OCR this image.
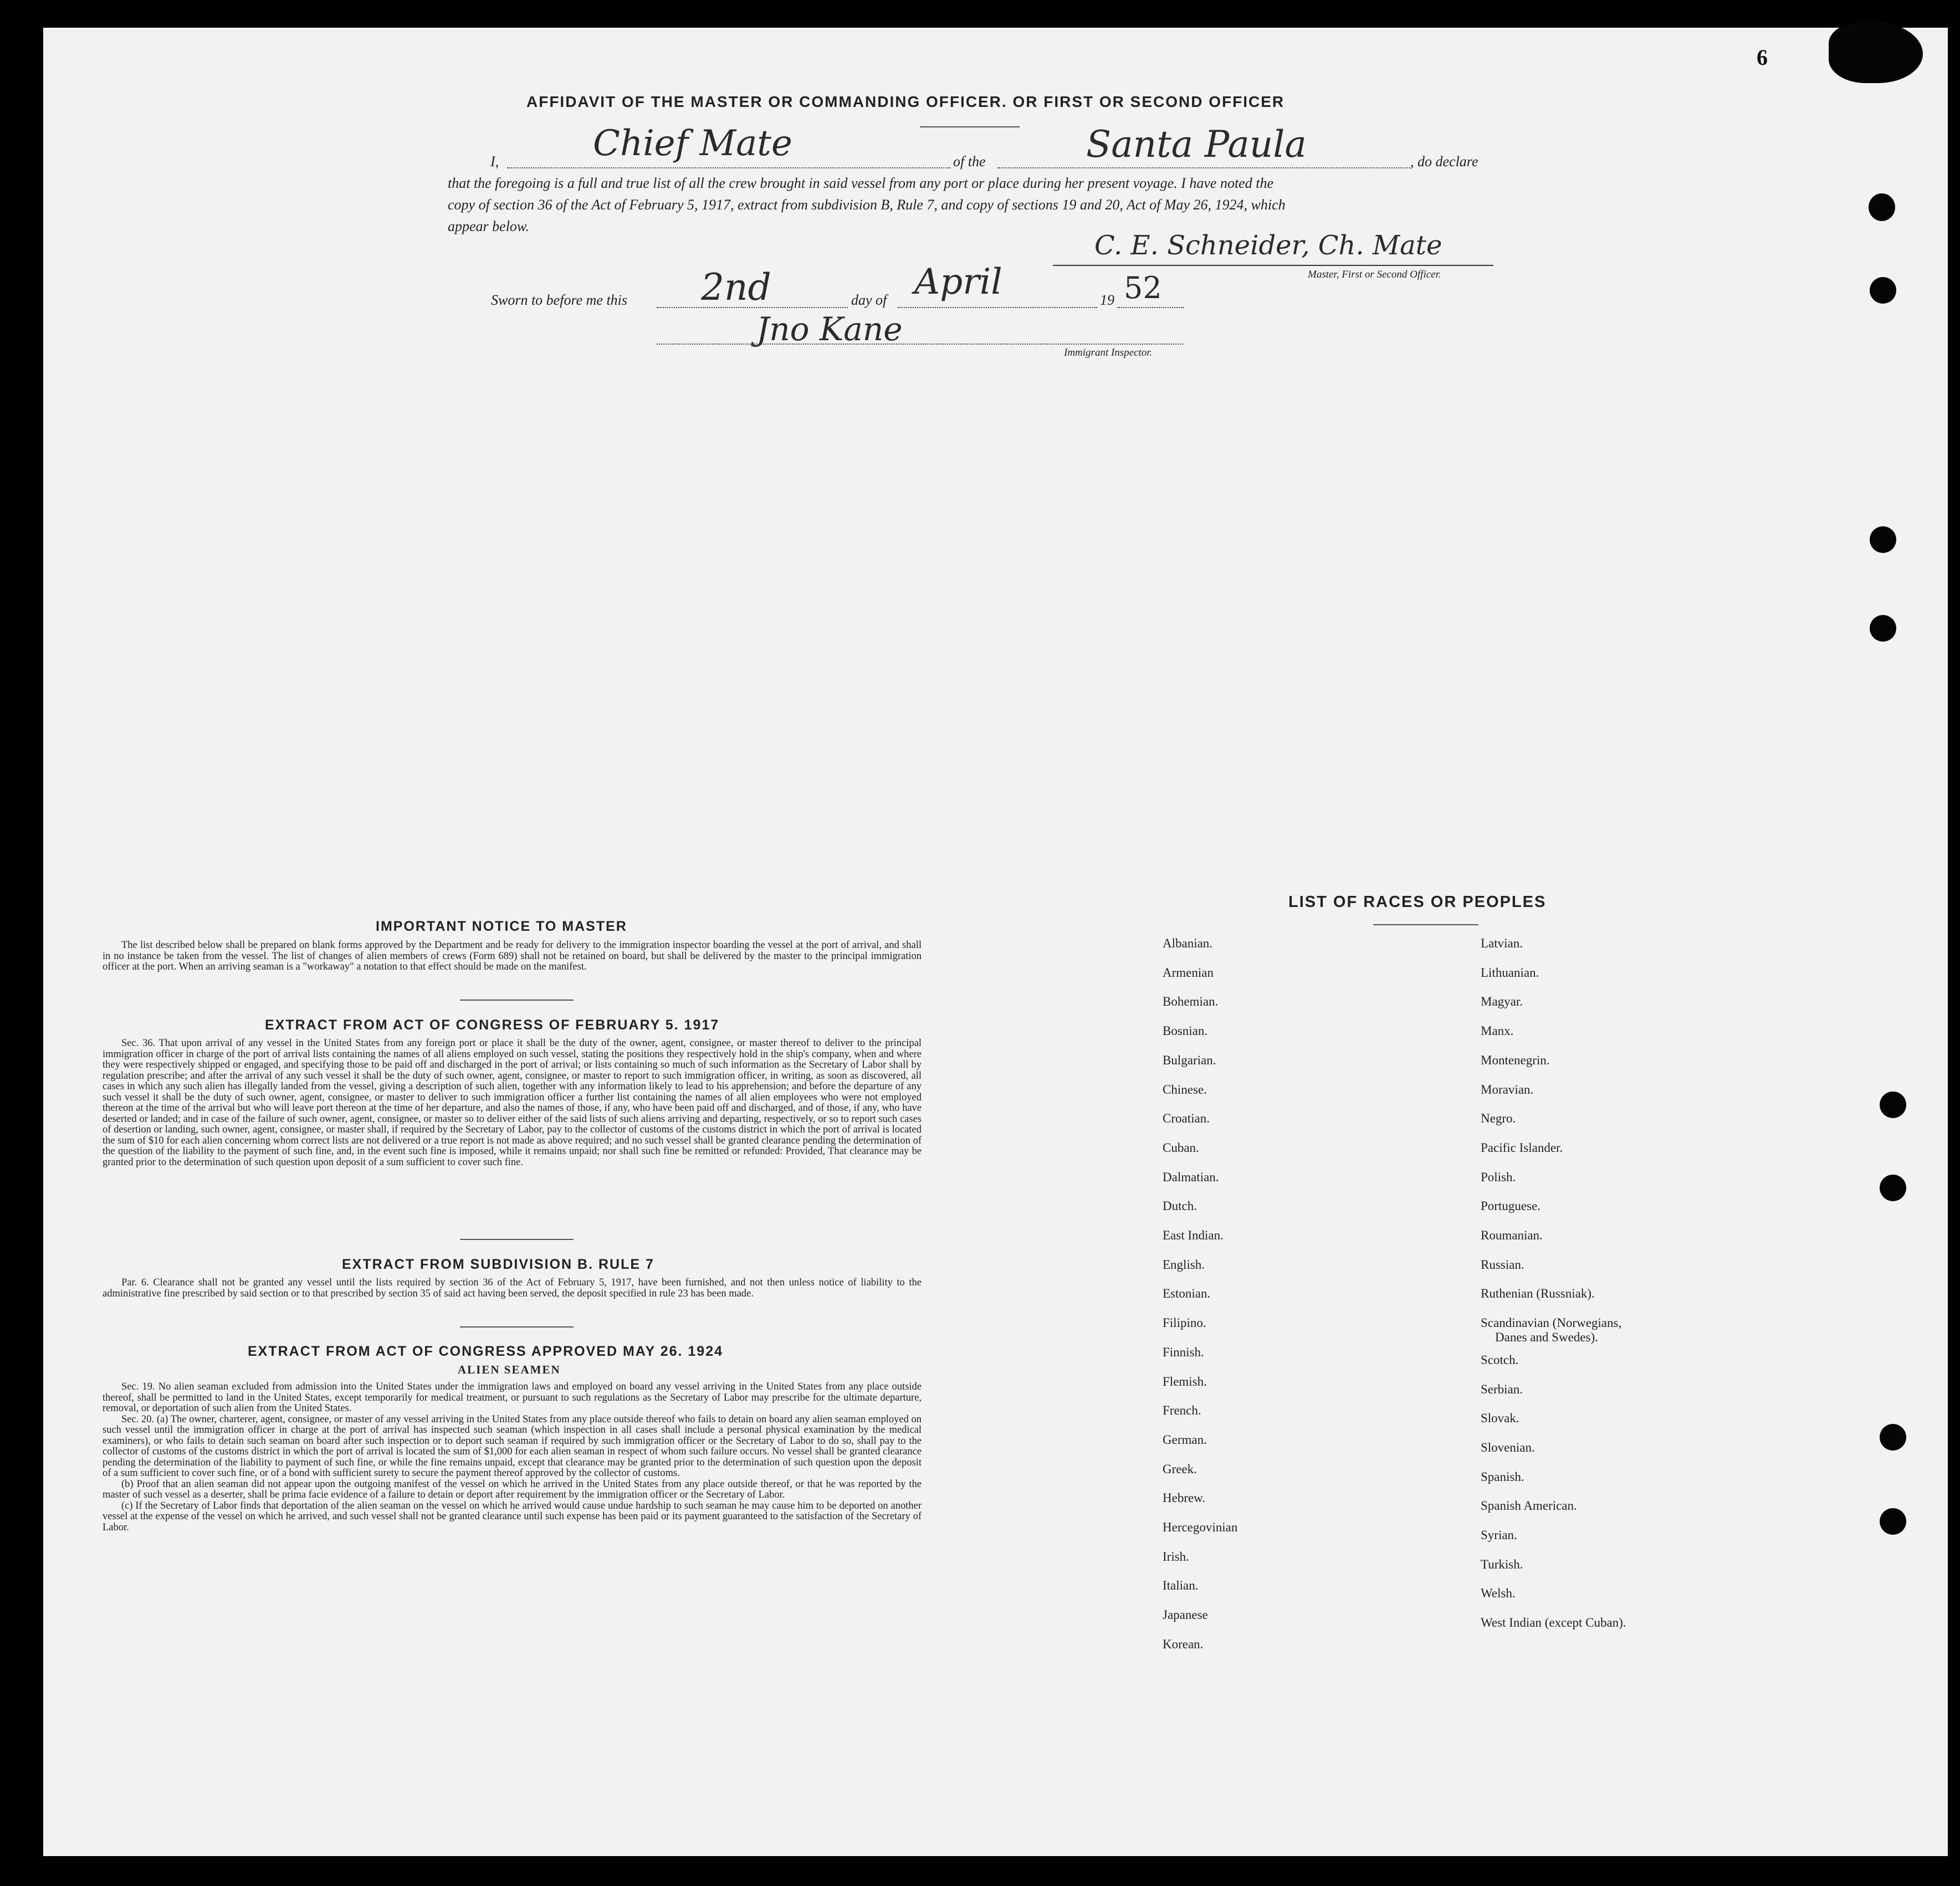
6
AFFIDAVIT OF THE MASTER OR COMMANDING OFFICER. OR FIRST OR SECOND OFFICER
I,	Chief Mate	of the	Santa Paula	, do declare
that the foregoing is a full and true list of all the crew brought in said vessel from any port or place during her present voyage. I have noted the
copy of section 36 of the Act of February 5, 1917, extract from subdivision B, Rule 7, and copy of sections 19 and 20, Act of May 26, 1924, which
appear below.
C. E. Schneider, Ch. Mate
Master, First or Second Officer.
Sworn to before me this 2nd	day of April	19 52
Jno Kane
Immigrant Inspector.
IMPORTANT NOTICE TO MASTER

The list described below shall be prepared on blank forms approved by the Department and be ready for delivery to the immigration inspector boarding the vessel at the port of arrival, and shall in no instance be taken from the vessel. The list of changes of alien members of crews (Form 689) shall not be retained on board, but shall be delivered by the master to the principal immigration officer at the port. When an arriving seaman is a "workaway" a notation to that effect should be made on the manifest.

EXTRACT FROM ACT OF CONGRESS OF FEBRUARY 5. 1917

Sec. 36. That upon arrival of any vessel in the United States from any foreign port or place it shall be the duty of the owner, agent, consignee, or master thereof to deliver to the principal immigration officer in charge of the port of arrival lists containing the names of all aliens employed on such vessel, stating the positions they respectively hold in the ship's company, when and where they were respectively shipped or engaged, and specifying those to be paid off and discharged in the port of arrival; or lists containing so much of such information as the Secretary of Labor shall by regulation prescribe; and after the arrival of any such vessel it shall be the duty of such owner, agent, consignee, or master to report to such immigration officer, in writing, as soon as discovered, all cases in which any such alien has illegally landed from the vessel, giving a description of such alien, together with any information likely to lead to his apprehension; and before the departure of any such vessel it shall be the duty of such owner, agent, consignee, or master to deliver to such immigration officer a further list containing the names of all alien employees who were not employed thereon at the time of the arrival but who will leave port thereon at the time of her departure, and also the names of those, if any, who have been paid off and discharged, and of those, if any, who have deserted or landed; and in case of the failure of such owner, agent, consignee, or master so to deliver either of the said lists of such aliens arriving and departing, respectively, or so to report such cases of desertion or landing, such owner, agent, consignee, or master shall, if required by the Secretary of Labor, pay to the collector of customs of the customs district in which the port of arrival is located the sum of $10 for each alien concerning whom correct lists are not delivered or a true report is not made as above required; and no such vessel shall be granted clearance pending the determination of the question of the liability to the payment of such fine, and, in the event such fine is imposed, while it remains unpaid; nor shall such fine be remitted or refunded: Provided, That clearance may be granted prior to the determination of such question upon deposit of a sum sufficient to cover such fine.

EXTRACT FROM SUBDIVISION B. RULE 7

Par. 6. Clearance shall not be granted any vessel until the lists required by section 36 of the Act of February 5, 1917, have been furnished, and not then unless notice of liability to the administrative fine prescribed by said section or to that prescribed by section 35 of said act having been served, the deposit specified in rule 23 has been made.

EXTRACT FROM ACT OF CONGRESS APPROVED MAY 26. 1924
ALIEN SEAMEN

Sec. 19. No alien seaman excluded from admission into the United States under the immigration laws and employed on board any vessel arriving in the United States from any place outside thereof, shall be permitted to land in the United States, except temporarily for medical treatment, or pursuant to such regulations as the Secretary of Labor may prescribe for the ultimate departure, removal, or deportation of such alien from the United States.

Sec. 20. (a) The owner, charterer, agent, consignee, or master of any vessel arriving in the United States from any place outside thereof who fails to detain on board any alien seaman employed on such vessel until the immigration officer in charge at the port of arrival has inspected such seaman (which inspection in all cases shall include a personal physical examination by the medical examiners), or who fails to detain such seaman on board after such inspection or to deport such seaman if required by such immigration officer or the Secretary of Labor to do so, shall pay to the collector of customs of the customs district in which the port of arrival is located the sum of $1,000 for each alien seaman in respect of whom such failure occurs. No vessel shall be granted clearance pending the determination of the liability to payment of such fine, or while the fine remains unpaid, except that clearance may be granted prior to the determination of such question upon the deposit of a sum sufficient to cover such fine, or of a bond with sufficient surety to secure the payment thereof approved by the collector of customs.

(b) Proof that an alien seaman did not appear upon the outgoing manifest of the vessel on which he arrived in the United States from any place outside thereof, or that he was reported by the master of such vessel as a deserter, shall be prima facie evidence of a failure to detain or deport after requirement by the immigration officer or the Secretary of Labor.

(c) If the Secretary of Labor finds that deportation of the alien seaman on the vessel on which he arrived would cause undue hardship to such seaman he may cause him to be deported on another vessel at the expense of the vessel on which he arrived, and such vessel shall not be granted clearance until such expense has been paid or its payment guaranteed to the satisfaction of the Secretary of Labor.

LIST OF RACES OR PEOPLES
Albanian.
Armenian
Bohemian.
Bosnian.
Bulgarian.
Chinese.
Croatian.
Cuban.
Dalmatian.
Dutch.
East Indian.
English.
Estonian.
Filipino.
Finnish.
Flemish.
French.
German.
Greek.
Hebrew.
Hercegovinian
Irish.
Italian.
Japanese
Korean.
Latvian.
Lithuanian.
Magyar.
Manx.
Montenegrin.
Moravian.
Negro.
Pacific Islander.
Polish.
Portuguese.
Roumanian.
Russian.
Ruthenian (Russniak).
Scandinavian (Norwegians,
Danes and Swedes).
Scotch.
Serbian.
Slovak.
Slovenian.
Spanish.
Spanish American.
Syrian.
Turkish.
Welsh.
West Indian (except Cuban).
